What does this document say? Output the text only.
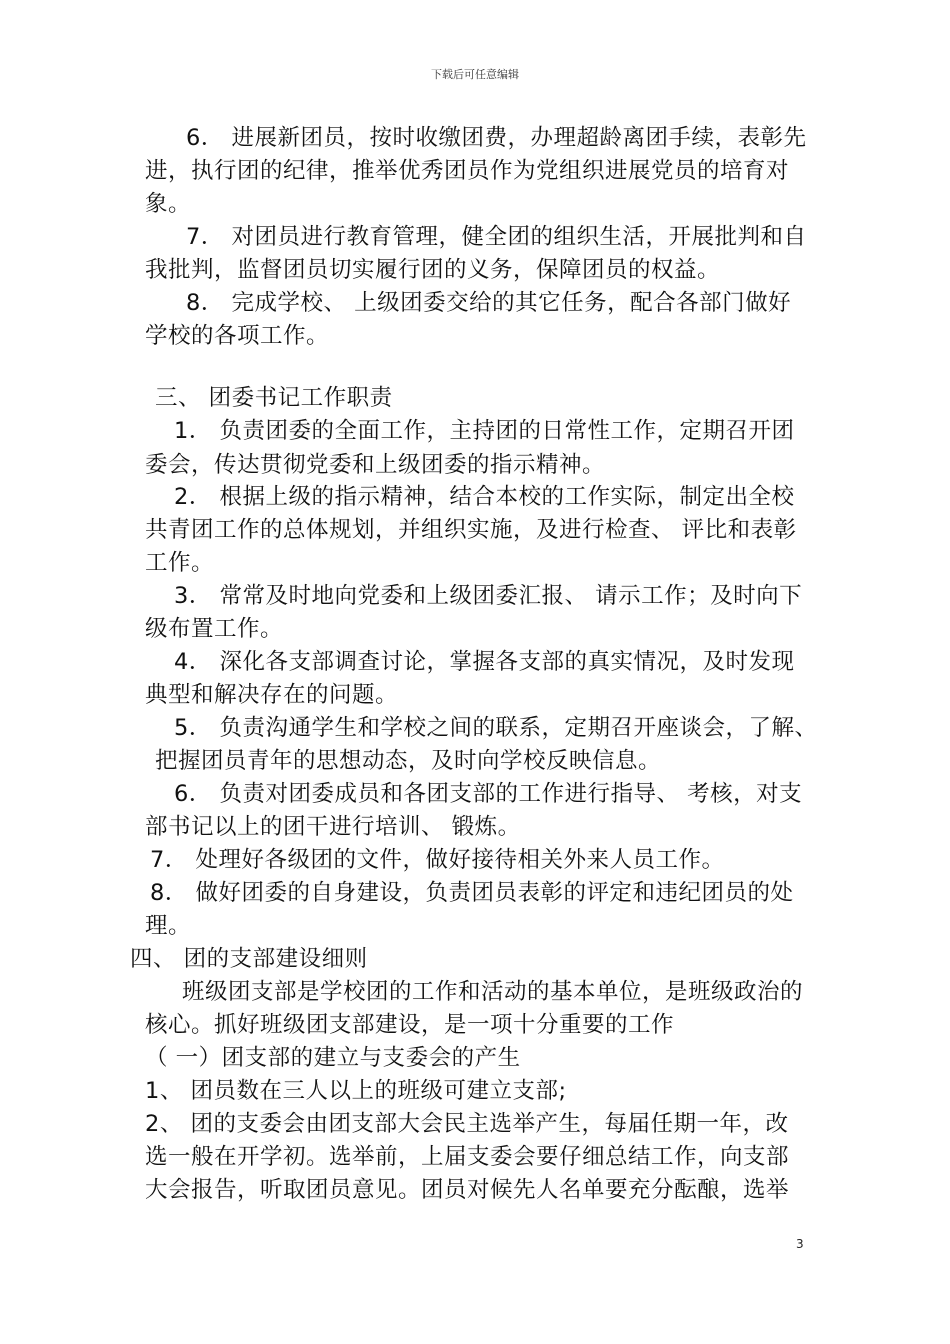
下载后可任意编辑
6． 进展新团员，按时收缴团费，办理超龄离团手续，表彰先
进，执行团的纪律，推举优秀团员作为党组织进展党员的培育对
象。
7． 对团员进行教育管理，健全团的组织生活，开展批判和自
我批判，监督团员切实履行团的义务，保障团员的权益。
8． 完成学校、 上级团委交给的其它任务，配合各部门做好
学校的各项工作。
三、 团委书记工作职责
1． 负责团委的全面工作，主持团的日常性工作，定期召开团
委会，传达贯彻党委和上级团委的指示精神。
2． 根据上级的指示精神，结合本校的工作实际，制定出全校
共青团工作的总体规划，并组织实施，及进行检查、 评比和表彰
工作。
3． 常常及时地向党委和上级团委汇报、 请示工作；及时向下
级布置工作。
4． 深化各支部调查讨论，掌握各支部的真实情况，及时发现
典型和解决存在的问题。
5． 负责沟通学生和学校之间的联系，定期召开座谈会，了解、
把握团员青年的思想动态，及时向学校反映信息。
6． 负责对团委成员和各团支部的工作进行指导、 考核，对支
部书记以上的团干进行培训、 锻炼。
7． 处理好各级团的文件，做好接待相关外来人员工作。
8． 做好团委的自身建设，负责团员表彰的评定和违纪团员的处
理。
四、 团的支部建设细则
班级团支部是学校团的工作和活动的基本单位，是班级政治的
核心。抓好班级团支部建设，是一项十分重要的工作
（ 一）团支部的建立与支委会的产生
1、 团员数在三人以上的班级可建立支部;
2、 团的支委会由团支部大会民主选举产生，每届任期一年，改
选一般在开学初。选举前，上届支委会要仔细总结工作，向支部
大会报告，听取团员意见。团员对候先人名单要充分酝酿，选举
3
